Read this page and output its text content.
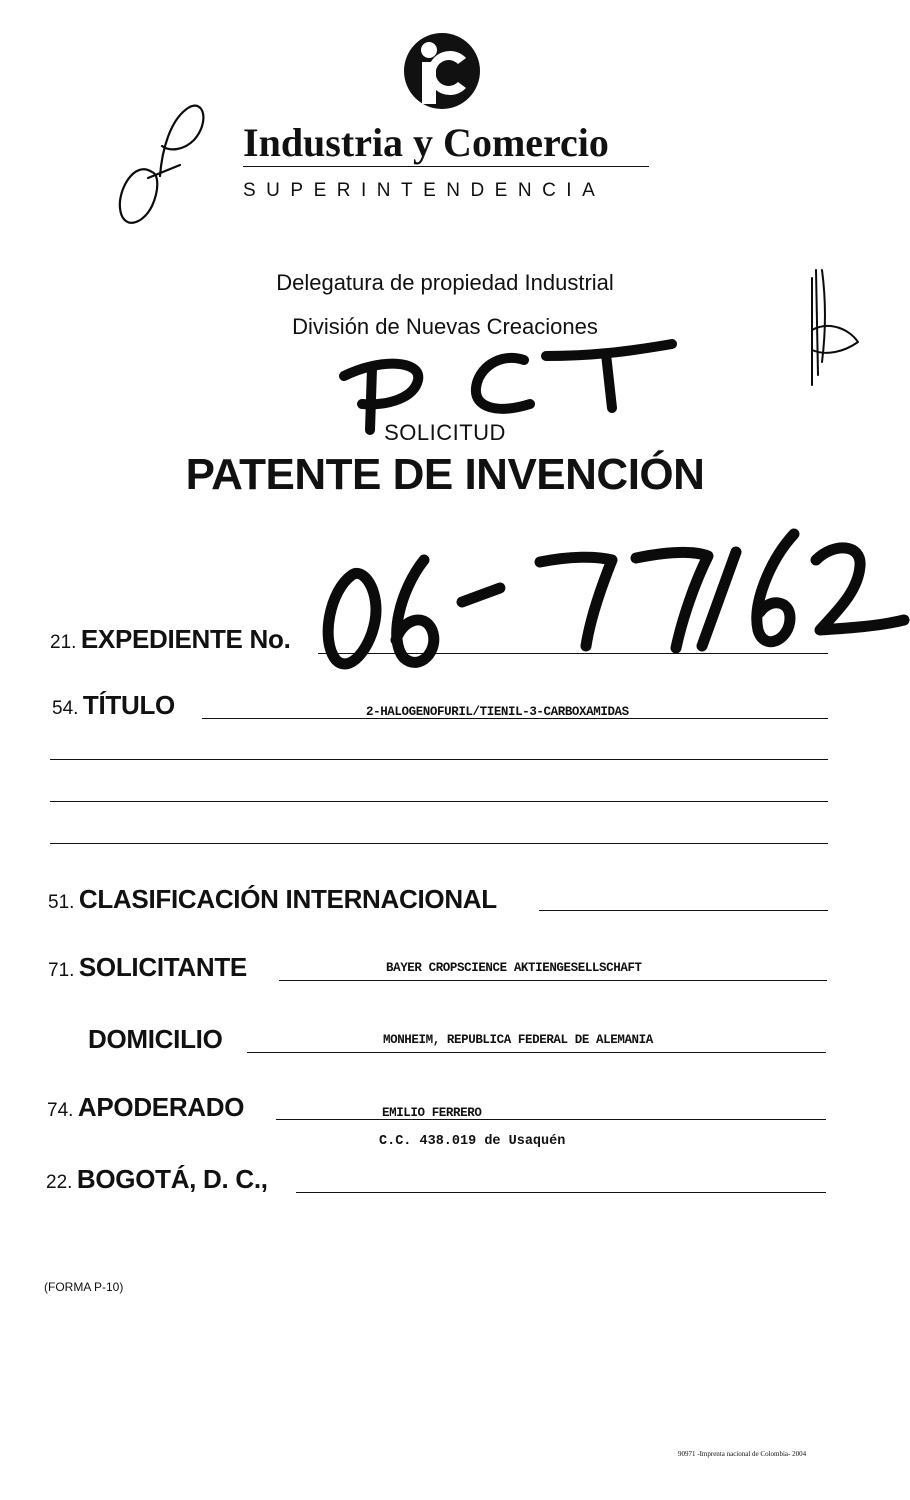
Industria y Comercio
SUPERINTENDENCIA
Delegatura de propiedad Industrial
División de Nuevas Creaciones
SOLICITUD
PATENTE DE INVENCIÓN
21. EXPEDIENTE No.
54. TÍTULO	2-HALOGENOFURIL/TIENIL-3-CARBOXAMIDAS
51. CLASIFICACIÓN INTERNACIONAL
71. SOLICITANTE	BAYER CROPSCIENCE AKTIENGESELLSCHAFT
DOMICILIO	MONHEIM, REPUBLICA FEDERAL DE ALEMANIA
74. APODERADO	EMILIO FERRERO
C.C. 438.019 de Usaquén
22. BOGOTÁ, D. C.,
(FORMA P-10)
90971 -Imprenta nacional de Colombia- 2004
